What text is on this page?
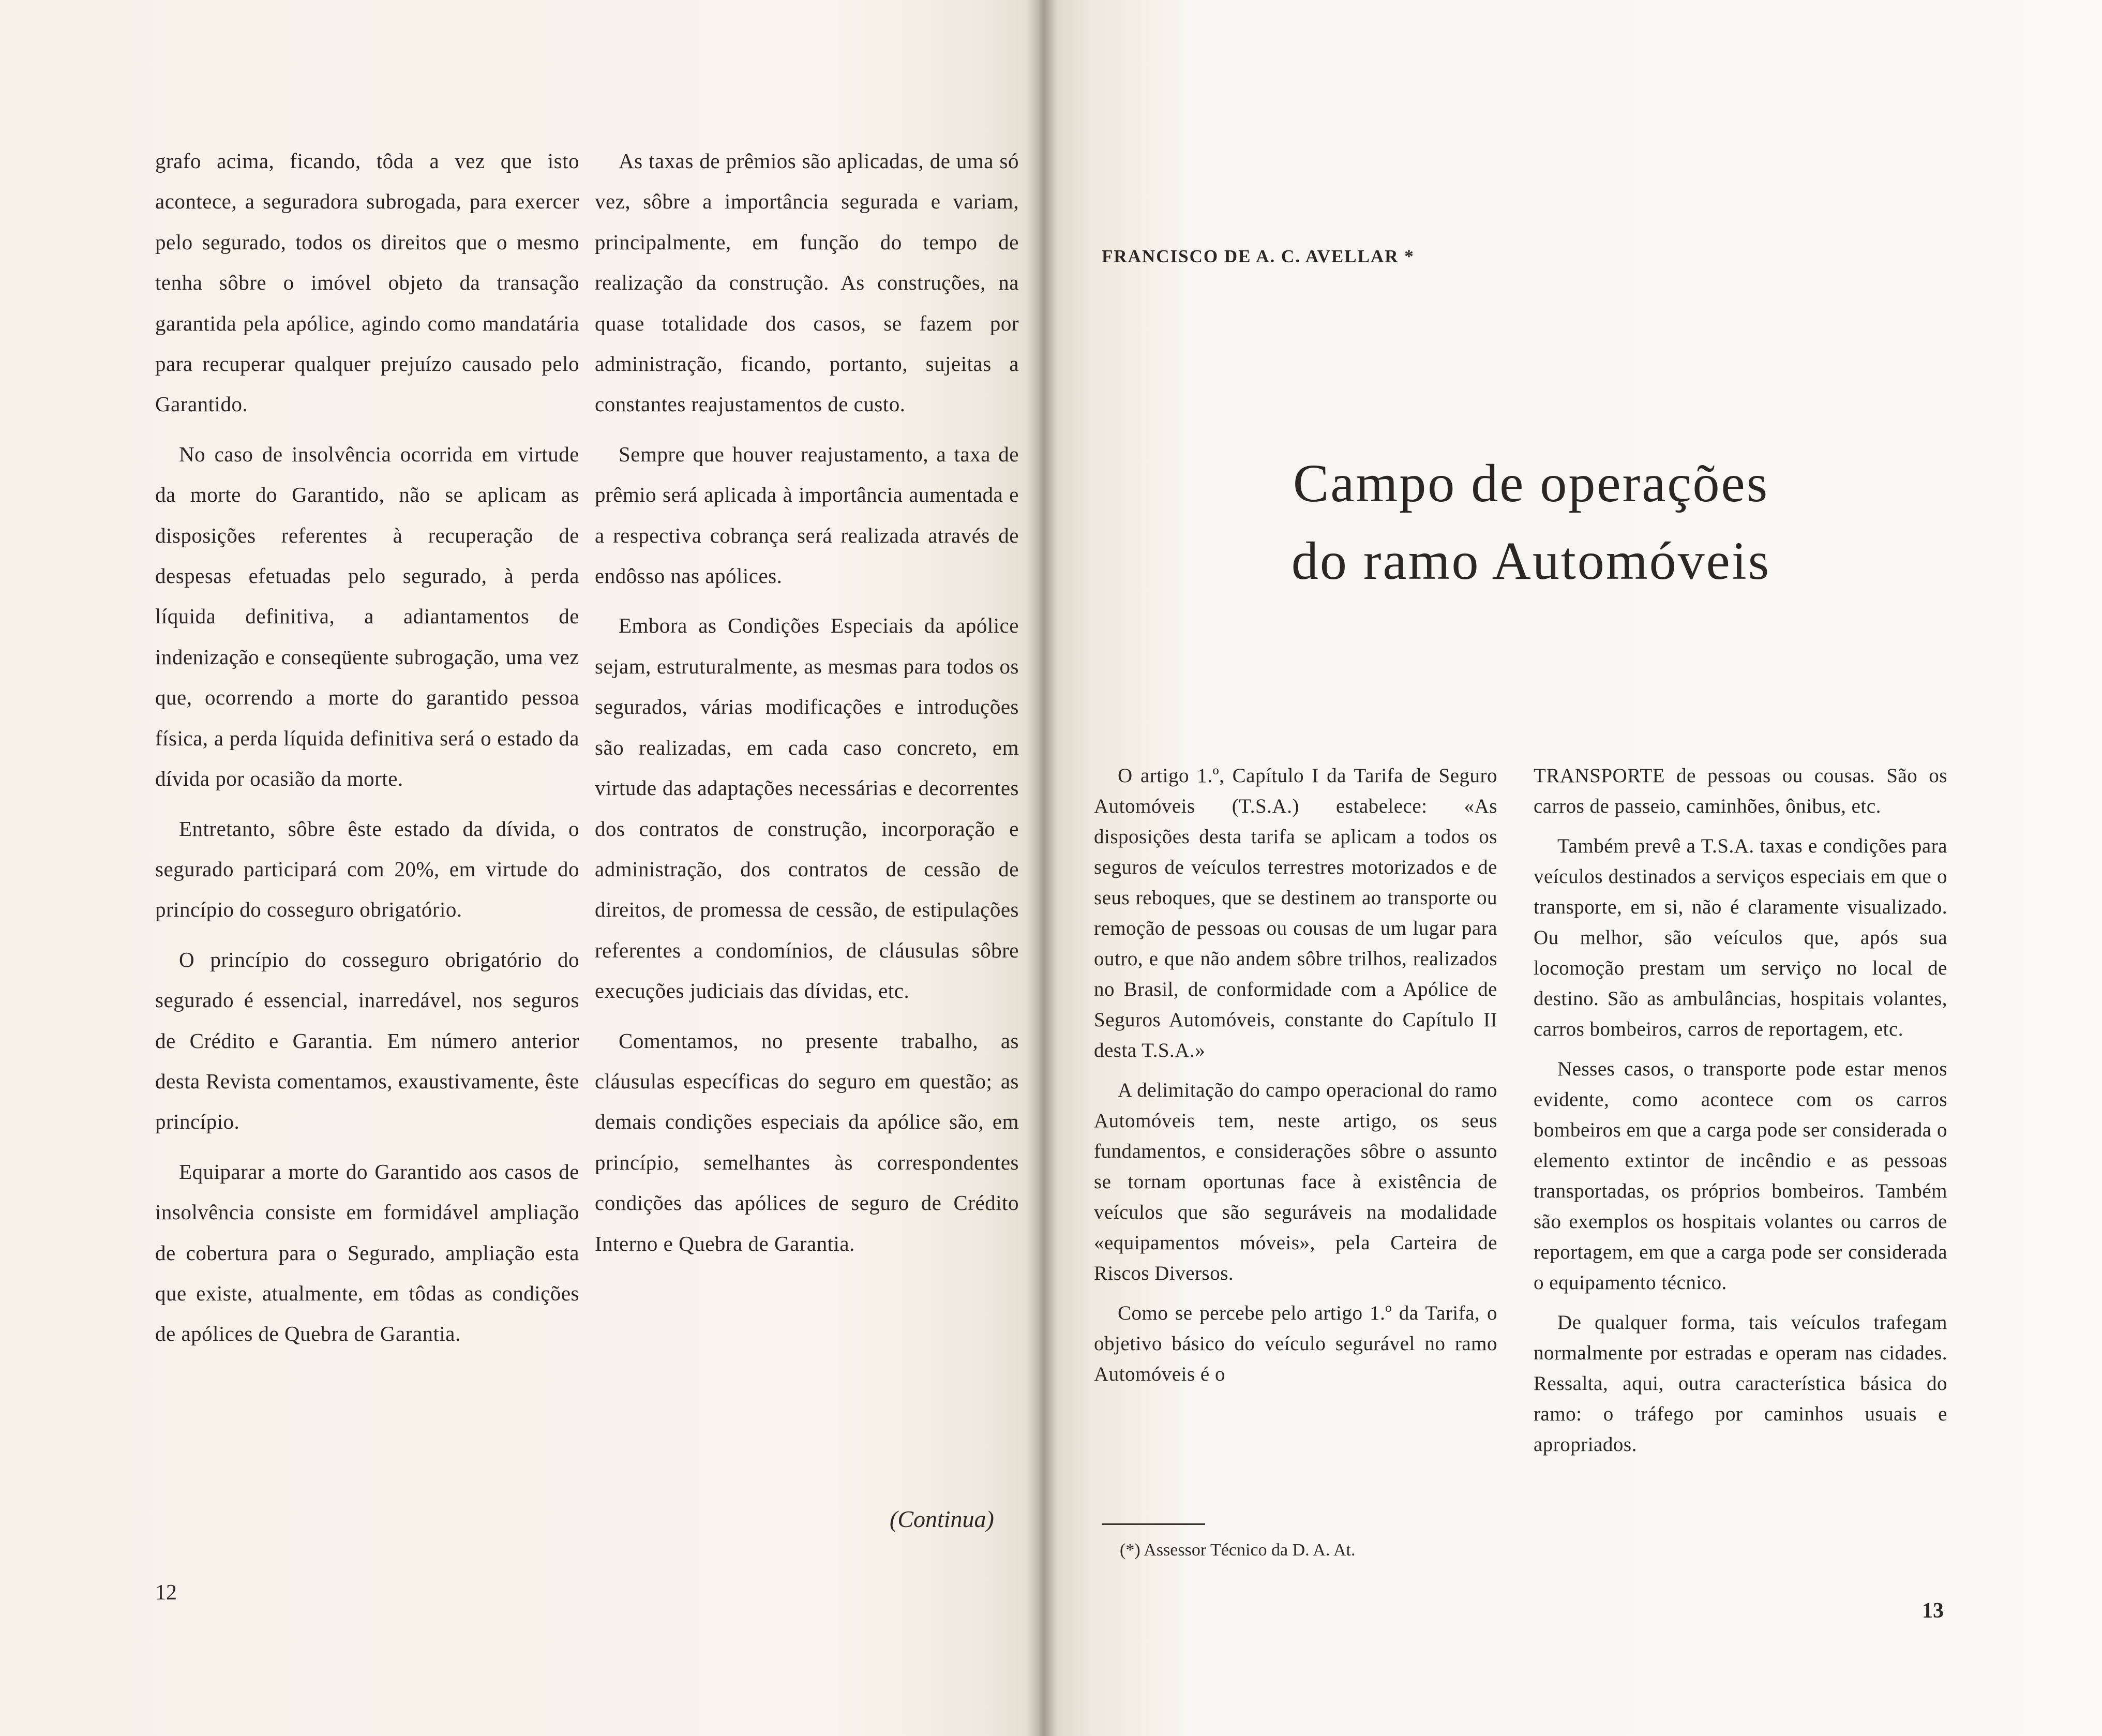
grafo acima, ficando, tôda a vez que isto acontece, a seguradora subrogada, para exercer pelo segurado, todos os direitos que o mesmo tenha sôbre o imóvel objeto da transação garantida pela apólice, agindo como mandatária para recuperar qualquer prejuízo causado pelo Garantido.

No caso de insolvência ocorrida em virtude da morte do Garantido, não se aplicam as disposições referentes à recuperação de despesas efetuadas pelo segurado, à perda líquida definitiva, a adiantamentos de indenização e conseqüente subrogação, uma vez que, ocorrendo a morte do garantido pessoa física, a perda líquida definitiva será o estado da dívida por ocasião da morte.

Entretanto, sôbre êste estado da dívida, o segurado participará com 20%, em virtude do princípio do cosseguro obrigatório.

O princípio do cosseguro obrigatório do segurado é essencial, inarredável, nos seguros de Crédito e Garantia. Em número anterior desta Revista comentamos, exaustivamente, êste princípio.

Equiparar a morte do Garantido aos casos de insolvência consiste em formidável ampliação de cobertura para o Segurado, ampliação esta que existe, atualmente, em tôdas as condições de apólices de Quebra de Garantia.

As taxas de prêmios são aplicadas, de uma só vez, sôbre a importância segurada e variam, principalmente, em função do tempo de realização da construção. As construções, na quase totalidade dos casos, se fazem por administração, ficando, portanto, sujeitas a constantes reajustamentos de custo.

Sempre que houver reajustamento, a taxa de prêmio será aplicada à importância aumentada e a respectiva cobrança será realizada através de endôsso nas apólices.

Embora as Condições Especiais da apólice sejam, estruturalmente, as mesmas para todos os segurados, várias modificações e introduções são realizadas, em cada caso concreto, em virtude das adaptações necessárias e decorrentes dos contratos de construção, incorporação e administração, dos contratos de cessão de direitos, de promessa de cessão, de estipulações referentes a condomínios, de cláusulas sôbre execuções judiciais das dívidas, etc.

Comentamos, no presente trabalho, as cláusulas específicas do seguro em questão; as demais condições especiais da apólice são, em princípio, semelhantes às correspondentes condições das apólices de seguro de Crédito Interno e Quebra de Garantia.

(Continua)
12
FRANCISCO DE A. C. AVELLAR *
Campo de operações
do ramo Automóveis

O artigo 1.º, Capítulo I da Tarifa de Seguro Automóveis (T.S.A.) estabelece: «As disposições desta tarifa se aplicam a todos os seguros de veículos terrestres motorizados e de seus reboques, que se destinem ao transporte ou remoção de pessoas ou cousas de um lugar para outro, e que não andem sôbre trilhos, realizados no Brasil, de conformidade com a Apólice de Seguros Automóveis, constante do Capítulo II desta T.S.A.»

A delimitação do campo operacional do ramo Automóveis tem, neste artigo, os seus fundamentos, e considerações sôbre o assunto se tornam oportunas face à existência de veículos que são seguráveis na modalidade «equipamentos móveis», pela Carteira de Riscos Diversos.

Como se percebe pelo artigo 1.º da Tarifa, o objetivo básico do veículo segurável no ramo Automóveis é o

TRANSPORTE de pessoas ou cousas. São os carros de passeio, caminhões, ônibus, etc.

Também prevê a T.S.A. taxas e condições para veículos destinados a serviços especiais em que o transporte, em si, não é claramente visualizado. Ou melhor, são veículos que, após sua locomoção prestam um serviço no local de destino. São as ambulâncias, hospitais volantes, carros bombeiros, carros de reportagem, etc.

Nesses casos, o transporte pode estar menos evidente, como acontece com os carros bombeiros em que a carga pode ser considerada o elemento extintor de incêndio e as pessoas transportadas, os próprios bombeiros. Também são exemplos os hospitais volantes ou carros de reportagem, em que a carga pode ser considerada o equipamento técnico.

De qualquer forma, tais veículos trafegam normalmente por estradas e operam nas cidades. Ressalta, aqui, outra característica básica do ramo: o tráfego por caminhos usuais e apropriados.

(*) Assessor Técnico da D. A. At.
13
